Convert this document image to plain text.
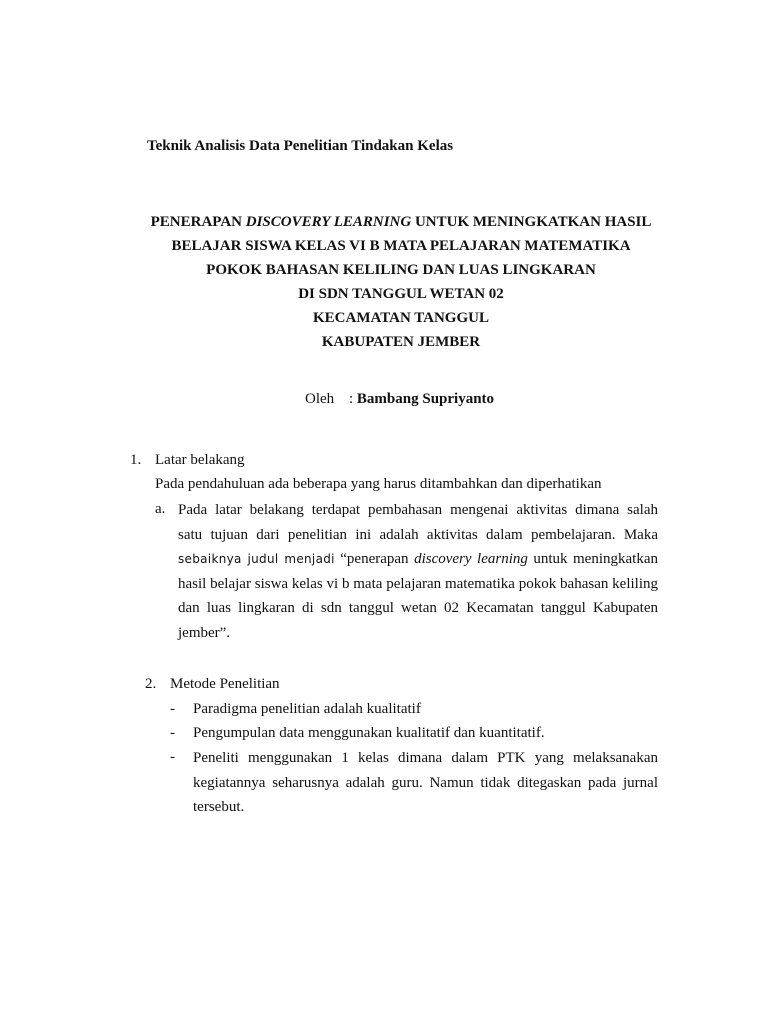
Teknik Analisis Data Penelitian Tindakan Kelas
PENERAPAN DISCOVERY LEARNING UNTUK MENINGKATKAN HASIL
BELAJAR SISWA KELAS VI B MATA PELAJARAN MATEMATIKA
POKOK BAHASAN KELILING DAN LUAS LINGKARAN
DI SDN TANGGUL WETAN 02
KECAMATAN TANGGUL
KABUPATEN JEMBER
Oleh : Bambang Supriyanto
1. Latar belakang
Pada pendahuluan ada beberapa yang harus ditambahkan dan diperhatikan
a. Pada latar belakang terdapat pembahasan mengenai aktivitas dimana salah
satu tujuan dari penelitian ini adalah aktivitas dalam pembelajaran. Maka
sebaiknya judul menjadi “penerapan discovery learning untuk meningkatkan
hasil belajar siswa kelas vi b mata pelajaran matematika pokok bahasan keliling
dan luas lingkaran di sdn tanggul wetan 02 Kecamatan tanggul Kabupaten
jember”.
2. Metode Penelitian
- Paradigma penelitian adalah kualitatif
- Pengumpulan data menggunakan kualitatif dan kuantitatif.
- Peneliti menggunakan 1 kelas dimana dalam PTK yang melaksanakan
kegiatannya seharusnya adalah guru. Namun tidak ditegaskan pada jurnal
tersebut.
